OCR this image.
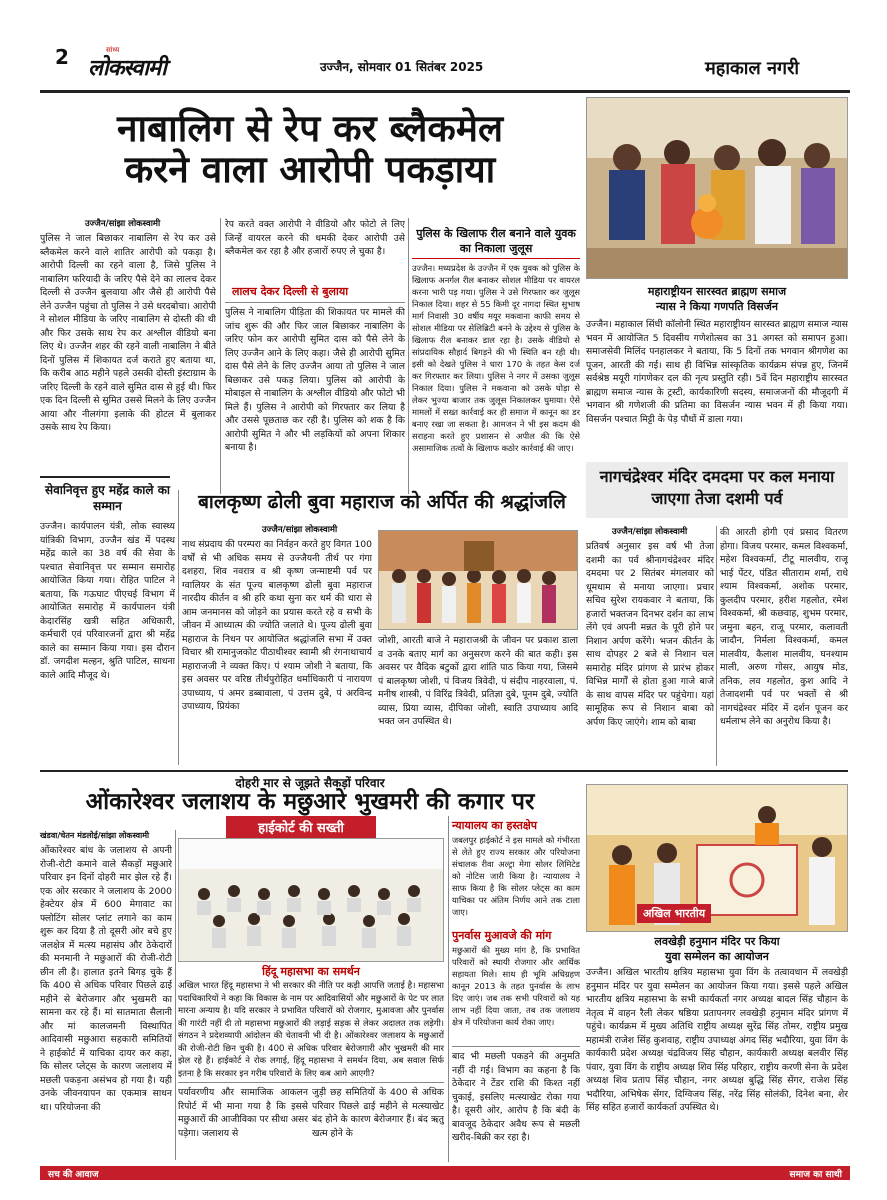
2	सांध्य
लोकस्वामी	उज्जैन, सोमवार 01 सितंबर 2025	महाकाल नगरी
नाबालिग से रेप कर ब्लैकमेल
करने वाला आरोपी पकड़ाया
उज्जैन/सांझा लोकस्वामी
पुलिस ने जाल बिछाकर नाबालिग से रेप कर उसे ब्लैकमेल करने वाले शातिर आरोपी को पकड़ा है। आरोपी दिल्ली का रहने वाला है, जिसे पुलिस ने नाबालिग फरियादी के जरिए पैसे देने का लालच देकर दिल्ली से उज्जैन बुलवाया और जैसे ही आरोपी पैसे लेने उज्जैन पहुंचा तो पुलिस ने उसे धरदबोचा। आरोपी ने सोशल मीडिया के जरिए नाबालिग से दोस्ती की थी और फिर उसके साथ रेप कर अश्लील वीडियो बना लिए थे। उज्जैन शहर की रहने वाली नाबालिग ने बीते दिनों पुलिस में शिकायत दर्ज कराते हुए बताया था, कि करीब आठ महीने पहले उसकी दोस्ती इंस्टाग्राम के जरिए दिल्ली के रहने वाले सुमित दास से हुई थी। फिर एक दिन दिल्ली से सुमित उससे मिलने के लिए उज्जैन आया और नीलगंगा इलाके की होटल में बुलाकर उसके साथ रेप किया।
रेप करते वक्त आरोपी ने वीडियो और फोटो ले लिए जिन्हें वायरल करने की धमकी देकर आरोपी उसे ब्लैकमेल कर रहा है और हजारों रुपए ले चुका है।
लालच देकर दिल्ली से बुलाया
पुलिस ने नाबालिग पीड़िता की शिकायत पर मामले की जांच शुरू की और फिर जाल बिछाकर नाबालिग के जरिए फोन कर आरोपी सुमित दास को पैसे लेने के लिए उज्जैन आने के लिए कहा। जैसे ही आरोपी सुमित दास पैसे लेने के लिए उज्जैन आया तो पुलिस ने जाल बिछाकर उसे पकड़ लिया। पुलिस को आरोपी के मोबाइल से नाबालिग के अश्लील वीडियो और फोटो भी मिले हैं। पुलिस ने आरोपी को गिरफ्तार कर लिया है और उससे पूछताछ कर रही है। पुलिस को शक है कि आरोपी सुमित ने और भी लड़कियों को अपना शिकार बनाया है।
पुलिस के खिलाफ रील बनाने वाले युवक का निकाला जुलूस
उज्जैन। मध्यप्रदेश के उज्जैन में एक युवक को पुलिस के खिलाफ अनर्गल रील बनाकर सोशल मीडिया पर वायरल करना भारी पड़ गया। पुलिस ने उसे गिरफ्तार कर जुलूस निकाल दिया। शहर से 55 किमी दूर नागदा स्थित सुभाष मार्ग निवासी 30 वर्षीय मयूर मकवाना काफी समय से सोशल मीडिया पर सेलिब्रिटी बनने के उद्देश्य से पुलिस के खिलाफ रील बनाकर डाल रहा है। उसके वीडियो से सांप्रदायिक सौहार्द बिगड़ने की भी स्थिति बन रही थी। इसी को देखते पुलिस ने धारा 170 के तहत केस दर्ज कर गिरफ्तार कर लिया। पुलिस ने नगर में उसका जुलूस निकाल दिया। पुलिस ने मकवाना को उसके घोड़ा से लेकर भुज्या बाजार तक जुलूस निकालकर घुमाया। ऐसे मामलों में सख्त कार्रवाई कर ही समाज में कानून का डर बनाए रखा जा सकता है। आमजन ने भी इस कदम की सराहना करते हुए प्रशासन से अपील की कि ऐसे असामाजिक तत्वों के खिलाफ कठोर कार्रवाई की जाए।
महाराष्ट्रीयन सारस्वत ब्राह्मण समाज
न्यास ने किया गणपति विसर्जन
उज्जैन। महाकाल सिंधी कॉलोनी स्थित महाराष्ट्रीयन सारस्वत ब्राह्मण समाज न्यास भवन में आयोजित 5 दिवसीय गणेशोत्सव का 31 अगस्त को समापन हुआ। समाजसेवी मिलिंद पनहालकर ने बताया, कि 5 दिनों तक भगवान श्रीगणेश का पूजन, आरती की गई। साथ ही विभिन्न सांस्कृतिक कार्यक्रम संपन्न हुए, जिनमें सर्वश्रेष्ठ मयूरी गांगणेकर दल की नृत्य प्रस्तुति रही। 5वें दिन महाराष्ट्रीय सारस्वत ब्राह्मण समाज न्यास के ट्रस्टी, कार्यकारिणी सदस्य, समाजजनों की मौजूदगी में भगवान श्री गणेशजी की प्रतिमा का विसर्जन न्यास भवन में ही किया गया। विसर्जन पश्चात मिट्टी के पेड़ पौधों में डाला गया।
सेवानिवृत्त हुए महेंद्र काले का सम्मान
उज्जैन। कार्यपालन यंत्री, लोक स्वास्थ्य यांत्रिकी विभाग, उज्जैन खंड में पदस्थ महेंद्र काले का 38 वर्ष की सेवा के पश्चात सेवानिवृत्त पर सम्मान समारोह आयोजित किया गया। रोहित पाटिल ने बताया, कि गऊघाट पीएचई विभाग में आयोजित समारोह में कार्यपालन यंत्री केदारसिंह खत्री सहित अधिकारी, कर्मचारी एवं परिवारजनों द्वारा श्री महेंद्र काले का सम्मान किया गया। इस दौरान डॉ. जगदीश मल्हन, श्रुति पाटिल, साधना काले आदि मौजूद थे।
बालकृष्ण ढोली बुवा महाराज को अर्पित की श्रद्धांजलि
उज्जैन/सांझा लोकस्वामी
नाथ संप्रदाय की परम्परा का निर्वहन करते हुए विगत 100 वर्षों से भी अधिक समय से उज्जैयनी तीर्थ पर गंगा दशहरा, शिव नवरात्र व श्री कृष्ण जन्माष्टमी पर्व पर ग्वालियर के संत पूज्य बालकृष्ण ढोली बुवा महाराज नारदीय कीर्तन व श्री हरि कथा सुना कर धर्म की धारा से आम जनमानस को जोड़ने का प्रयास करते रहे व सभी के जीवन में आध्यात्म की ज्योति जलाते थे। पूज्य ढोली बुवा महाराज के निधन पर आयोजित श्रद्धांजलि सभा में उक्त विचार श्री रामानुजकोट पीठाधीश्वर स्वामी श्री रंगनाथाचार्य महाराजजी ने व्यक्त किए। पं श्याम जोशी ने बताया, कि इस अवसर पर वरिष्ठ तीर्थपुरोहित धर्माधिकारी पं नारायण उपाध्याय, पं अमर डब्बावाला, पं उत्तम दुबे, पं अरविन्द उपाध्याय, प्रियंका
जोशी, आरती बाजे ने महाराजश्री के जीवन पर प्रकाश डाला व उनके बताए मार्ग का अनुसरण करने की बात कही। इस अवसर पर वैदिक बटुकों द्वारा शांति पाठ किया गया, जिसमे पं बालकृष्ण जोशी, पं विजय त्रिवेदी, पं संदीप नाहरवाला, पं. मनीष शास्त्री, पं विरिंद्र त्रिवेदी, प्रतिज्ञा दुबे, पूनम दुबे, ज्योति व्यास, प्रिया व्यास, दीपिका जोशी, स्वाति उपाध्याय आदि भक्त जन उपस्थित थे।
नागचंद्रेश्वर मंदिर दमदमा पर कल मनाया जाएगा तेजा दशमी पर्व
उज्जैन/सांझा लोकस्वामी
प्रतिवर्ष अनुसार इस वर्ष भी तेजा दशमी का पर्व श्रीनागचंद्रेश्वर मंदिर दमदमा पर 2 सितंबर मंगलवार को धूमधाम से मनाया जाएगा। प्रचार सचिव सुरेश रायकवार ने बताया, कि हजारों भक्तजन दिनभर दर्शन का लाभ लेंगे एवं अपनी मन्नत के पूरी होने पर निशान अर्पण करेंगे। भजन कीर्तन के साथ दोपहर 2 बजे से निशान चल समारोह मंदिर प्रांगण से प्रारंभ होकर विभिन्न मार्गों से होता हुआ गाजे बाजे के साथ वापस मंदिर पर पहुंचेगा। यहां सामूहिक रूप से निशान बाबा को अर्पण किए जाएंगे। शाम को बाबा
की आरती होगी एवं प्रसाद वितरण होगा। विजय परमार, कमल विश्वकर्मा, महेश विश्वकर्मा, टीटू मालवीय, राजू भाई पेंटर, पंडित सीताराम शर्मा, राधे श्याम विश्वकर्मा, अशोक परमार, कुलदीप परमार, हरीश गहलोत, रमेश विश्वकर्मा, श्री कछवाह, शुभम परमार, जमुना बहन, राजू परमार, कलावती जादौन, निर्मला विश्वकर्मा, कमल मालवीय, कैलाश मालवीय, घनश्याम माली, अरुण गोसर, आयुष मोड, तनिक, लव गहलोत, कुश आदि ने तेजादशमी पर्व पर भक्तों से श्री नागचंद्रेश्वर मंदिर में दर्शन पूजन कर धर्मलाभ लेने का अनुरोध किया है।
दोहरी मार से जूझते सैकड़ों परिवार
ओंकारेश्वर जलाशय के मछुआरे भुखमरी की कगार पर
खंडवा/चेतन मंडलोई/सांझा लोकस्वामी
ओंकारेश्वर बांध के जलाशय से अपनी रोजी-रोटी कमाने वाले सैकड़ों मछुआरे परिवार इन दिनों दोहरी मार झेल रहे हैं। एक ओर सरकार ने जलाशय के 2000 हेक्टेयर क्षेत्र में 600 मेगावाट का फ्लोटिंग सोलर प्लांट लगाने का काम शुरू कर दिया है तो दूसरी ओर बचे हुए जलक्षेत्र में मत्स्य महासंघ और ठेकेदारों की मनमानी ने मछुआरों की रोजी-रोटी छीन ली है। हालात इतने बिगड़ चुके हैं कि 400 से अधिक परिवार पिछले ढाई महीने से बेरोजगार और भुखमरी का सामना कर रहे हैं। मां सातमाता सैलानी और मां कालजमनी विस्थापित आदिवासी मछुआरा सहकारी समितियों ने हाईकोर्ट में याचिका दायर कर कहा, कि सोलर प्लेट्स के कारण जलाशय में मछली पकड़ना असंभव हो गया है। यही उनके जीवनयापन का एकमात्र साधन था। परियोजना की
हाईकोर्ट की सख्ती
हिंदू महासभा का समर्थन
अखिल भारत हिंदू महासभा ने भी सरकार की नीति पर कड़ी आपत्ति जताई है। महासभा पदाधिकारियों ने कहा कि विकास के नाम पर आदिवासियों और मछुआरों के पेट पर लात मारना अन्याय है। यदि सरकार ने प्रभावित परिवारों को रोजगार, मुआवजा और पुनर्वास की गारंटी नहीं दी तो महासभा मछुआरों की लड़ाई सड़क से लेकर अदालत तक लड़ेगी। संगठन ने प्रदेशव्यापी आंदोलन की चेतावनी भी दी है। ओंकारेश्वर जलाशय के मछुआरों की रोजी-रोटी छिन चुकी है। 400 से अधिक परिवार बेरोजगारी और भुखमरी की मार झेल रहे हैं। हाईकोर्ट ने रोक लगाई, हिंदू महासभा ने समर्थन दिया, अब सवाल सिर्फ इतना है कि सरकार इन गरीब परिवारों के लिए कब आगे आएगी?
पर्यावरणीय और सामाजिक आकलन रिपोर्ट में भी माना गया है कि इससे मछुआरों की आजीविका पर सीधा असर पड़ेगा। जलाशय से
जुड़ी छह समितियों के 400 से अधिक परिवार पिछले ढाई महीने से मत्स्याखेट बंद होने के कारण बेरोजगार हैं। बंद ऋतु खत्म होने के
न्यायालय का हस्तक्षेप
जबलपुर हाईकोर्ट ने इस मामले को गंभीरता से लेते हुए राज्य सरकार और परियोजना संचालक रीवा अल्ट्रा मेगा सोलर लिमिटेड को नोटिस जारी किया है। न्यायालय ने साफ किया है कि सोलर प्लेट्स का काम याचिका पर अंतिम निर्णय आने तक टाला जाए।
पुनर्वास मुआवजे की मांग
मछुआरों की मुख्य मांग है, कि प्रभावित परिवारों को स्थायी रोजगार और आर्थिक सहायता मिले। साथ ही भूमि अधिग्रहण कानून 2013 के तहत पुनर्वास के लाभ दिए जाएं। जब तक सभी परिवारों को यह लाभ नहीं दिया जाता, तब तक जलाशय क्षेत्र में परियोजना कार्य रोका जाए।
बाद भी मछली पकड़ने की अनुमति नहीं दी गई। विभाग का कहना है कि ठेकेदार ने टेंडर राशि की किश्त नहीं चुकाई, इसलिए मत्स्याखेट रोका गया है। दूसरी ओर, आरोप है कि बंदी के बावजूद ठेकेदार अवैध रूप से मछली खरीद-बिक्री कर रहा है।
अखिल भारतीय
लवखेड़ी हनुमान मंदिर पर किया
युवा सम्मेलन का आयोजन
उज्जैन। अखिल भारतीय क्षत्रिय महासभा युवा विंग के तत्वावधान में लवखेड़ी हनुमान मंदिर पर युवा सम्मेलन का आयोजन किया गया। इससे पहले अखिल भारतीय क्षत्रिय महासभा के सभी कार्यकर्ता नगर अध्यक्ष बादल सिंह चौहान के नेतृत्व में वाहन रैली लेकर षष्ठिया प्रतापनगर लवखेड़ी हनुमान मंदिर प्रांगण में पहुंचे। कार्यक्रम में मुख्य अतिथि राष्ट्रीय अध्यक्ष सुरेंद्र सिंह तोमर, राष्ट्रीय प्रमुख महामंत्री राजेश सिंह कुशवाह, राष्ट्रीय उपाध्यक्ष अंगद सिंह भदौरिया, युवा विंग के कार्यकारी प्रदेश अध्यक्ष चंद्रविजय सिंह चौहान, कार्यकारी अध्यक्ष बलवीर सिंह पंवार, युवा विंग के राष्ट्रीय अध्यक्ष शिव सिंह परिहार, राष्ट्रीय करणी सेना के प्रदेश अध्यक्ष शिव प्रताप सिंह चौहान, नगर अध्यक्ष बुद्धि सिंह सेंगर, राजेश सिंह भदौरिया, अभिषेक सेंगर, दिग्विजय सिंह, नरेंद्र सिंह सोलंकी, दिनेश बना, शेर सिंह सहित हजारों कार्यकर्ता उपस्थित थे।
सच की आवाज	समाज का साथी
